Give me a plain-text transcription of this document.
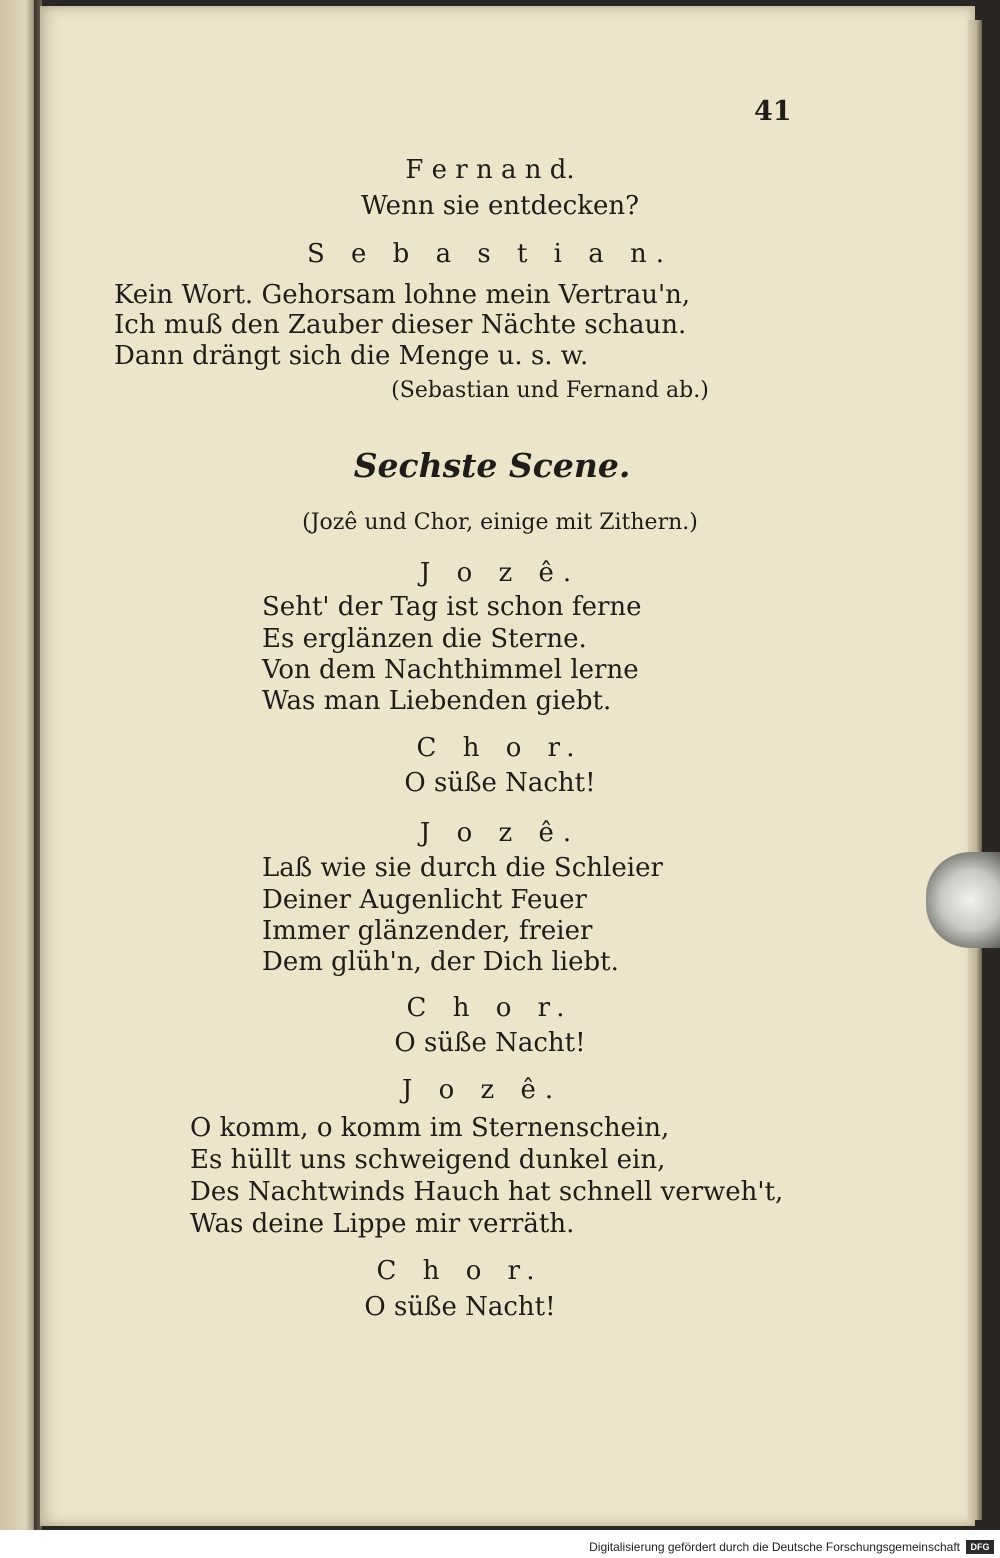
41
F e r n a n d.
Wenn sie entdecken?
S e b a s t i a n.
Kein Wort. Gehorsam lohne mein Vertrau'n,
Ich muß den Zauber dieser Nächte schaun.
Dann drängt sich die Menge u. s. w.
(Sebastian und Fernand ab.)
Sechste Scene.
(Jozê und Chor, einige mit Zithern.)
J o z ê.
Seht' der Tag ist schon ferne
Es erglänzen die Sterne.
Von dem Nachthimmel lerne
Was man Liebenden giebt.
C h o r.
O süße Nacht!
J o z ê.
Laß wie sie durch die Schleier
Deiner Augenlicht Feuer
Immer glänzender, freier
Dem glüh'n, der Dich liebt.
C h o r.
O süße Nacht!
J o z ê.
O komm, o komm im Sternenschein,
Es hüllt uns schweigend dunkel ein,
Des Nachtwinds Hauch hat schnell verweh't,
Was deine Lippe mir verräth.
C h o r.
O süße Nacht!
Digitalisierung gefördert durch die Deutsche Forschungsgemeinschaft	DFG
